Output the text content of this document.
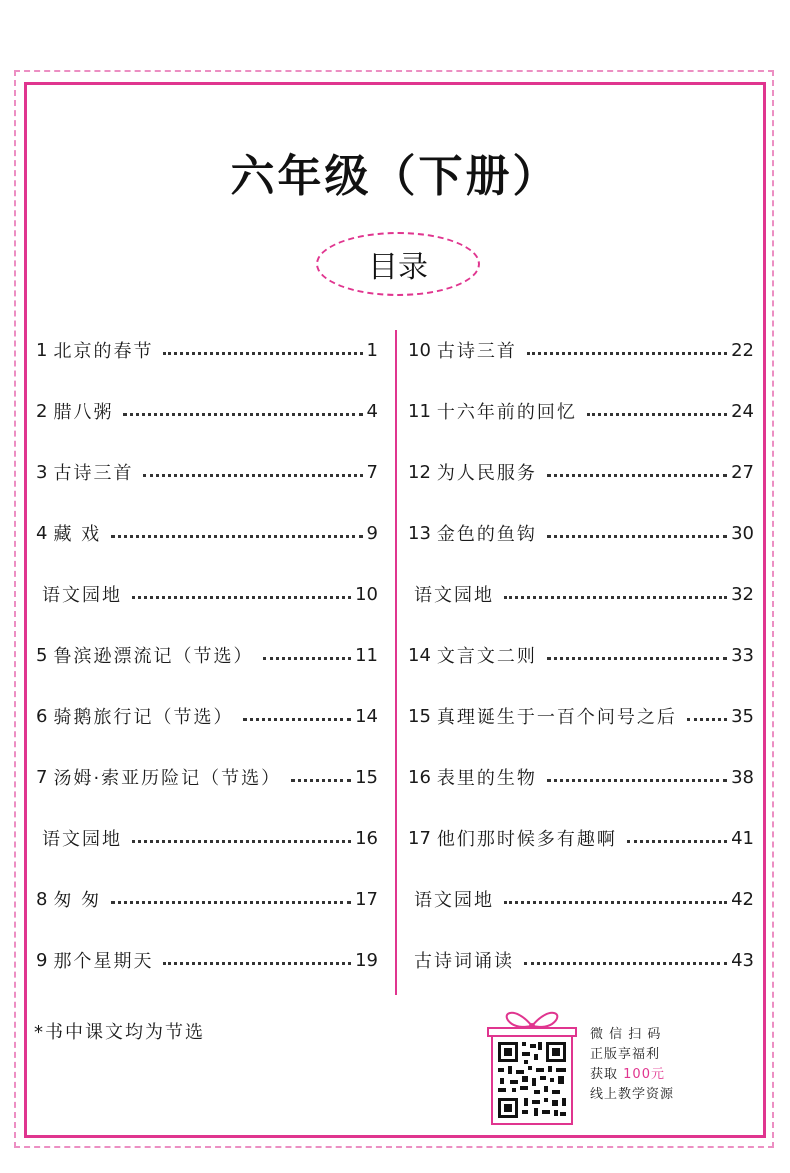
六年级（下册）
目录
1 北京的春节	1
2 腊八粥	4
3 古诗三首	7
4 藏 戏	9
语文园地	10
5 鲁滨逊漂流记（节选）	11
6 骑鹅旅行记（节选）	14
7 汤姆·索亚历险记（节选）	15
语文园地	16
8 匆 匆	17
9 那个星期天	19
10 古诗三首	22
11 十六年前的回忆	24
12 为人民服务	27
13 金色的鱼钩	30
语文园地	32
14 文言文二则	33
15 真理诞生于一百个问号之后	35
16 表里的生物	38
17 他们那时候多有趣啊	41
语文园地	42
古诗词诵读	43
*书中课文均为节选	微 信 扫 码
正版享福利
获取 100元
线上教学资源
